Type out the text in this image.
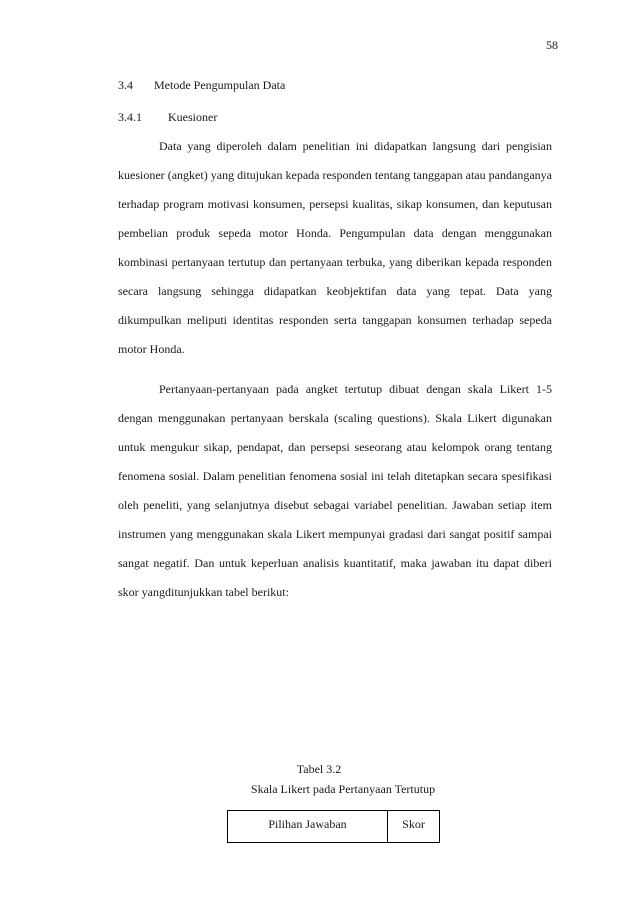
58
3.4 Metode Pengumpulan Data
3.4.1 Kuesioner

Data yang diperoleh dalam penelitian ini didapatkan langsung dari pengisian kuesioner (angket) yang ditujukan kepada responden tentang tanggapan atau pandanganya terhadap program motivasi konsumen, persepsi kualitas, sikap konsumen, dan keputusan pembelian produk sepeda motor Honda. Pengumpulan data dengan menggunakan kombinasi pertanyaan tertutup dan pertanyaan terbuka, yang diberikan kepada responden secara langsung sehingga didapatkan keobjektifan data yang tepat. Data yang dikumpulkan meliputi identitas responden serta tanggapan konsumen terhadap sepeda motor Honda.

Pertanyaan-pertanyaan pada angket tertutup dibuat dengan skala Likert 1-5 dengan menggunakan pertanyaan berskala (scaling questions). Skala Likert digunakan untuk mengukur sikap, pendapat, dan persepsi seseorang atau kelompok orang tentang fenomena sosial. Dalam penelitian fenomena sosial ini telah ditetapkan secara spesifikasi oleh peneliti, yang selanjutnya disebut sebagai variabel penelitian. Jawaban setiap item instrumen yang menggunakan skala Likert mempunyai gradasi dari sangat positif sampai sangat negatif. Dan untuk keperluan analisis kuantitatif, maka jawaban itu dapat diberi skor yangditunjukkan tabel berikut:

Tabel 3.2
Skala Likert pada Pertanyaan Tertutup
Pilihan Jawaban	Skor
